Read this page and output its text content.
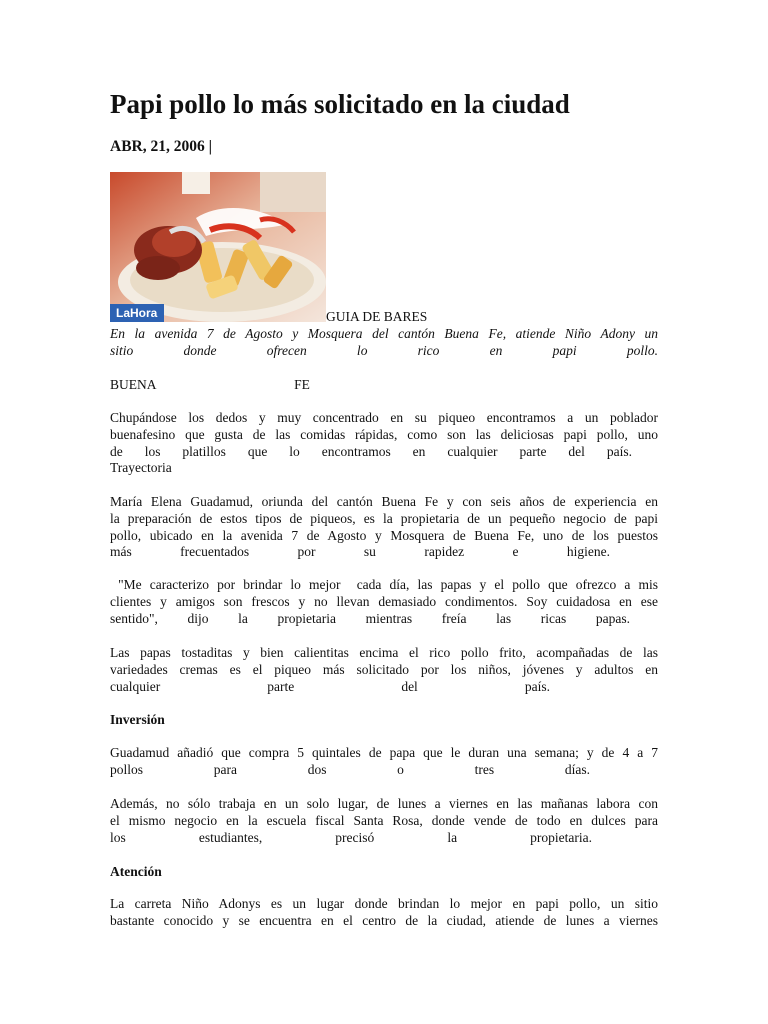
Papi pollo lo más solicitado en la ciudad
ABR, 21, 2006 |
LaHora	GUIA DE BARES

En la avenida 7 de Agosto y Mosquera del cantón Buena Fe, atiende Niño Adony un
sitio donde ofrecen lo rico en papi pollo.

BUENA                                         FE

Chupándose los dedos y muy concentrado en su piqueo encontramos a un poblador
buenafesino que gusta de las comidas rápidas, como son las deliciosas papi pollo, uno
de los platillos que lo encontramos en cualquier parte del país.
Trayectoria

María Elena Guadamud, oriunda del cantón Buena Fe y con seis años de experiencia en
la preparación de estos tipos de piqueos, es la propietaria de un pequeño negocio de papi
pollo, ubicado en la avenida 7 de Agosto y Mosquera de Buena Fe, uno de los puestos
más frecuentados por su rapidez e higiene.

"Me caracterizo por brindar lo mejor  cada día, las papas y el pollo que ofrezco a mis
clientes y amigos son frescos y no llevan demasiado condimentos. Soy cuidadosa en ese
sentido", dijo la propietaria mientras freía las ricas papas.

Las papas tostaditas y bien calientitas encima el rico pollo frito, acompañadas de las
variedades cremas es el piqueo más solicitado por los niños, jóvenes y adultos en
cualquier parte del país.

Inversión

Guadamud añadió que compra 5 quintales de papa que le duran una semana; y de 4 a 7
pollos para dos o tres días.

Además, no sólo trabaja en un solo lugar, de lunes a viernes en las mañanas labora con
el mismo negocio en la escuela fiscal Santa Rosa, donde vende de todo en dulces para
los estudiantes, precisó la propietaria.

Atención

La carreta Niño Adonys es un lugar donde brindan lo mejor en papi pollo, un sitio
bastante conocido y se encuentra en el centro de la ciudad, atiende de lunes a viernes
